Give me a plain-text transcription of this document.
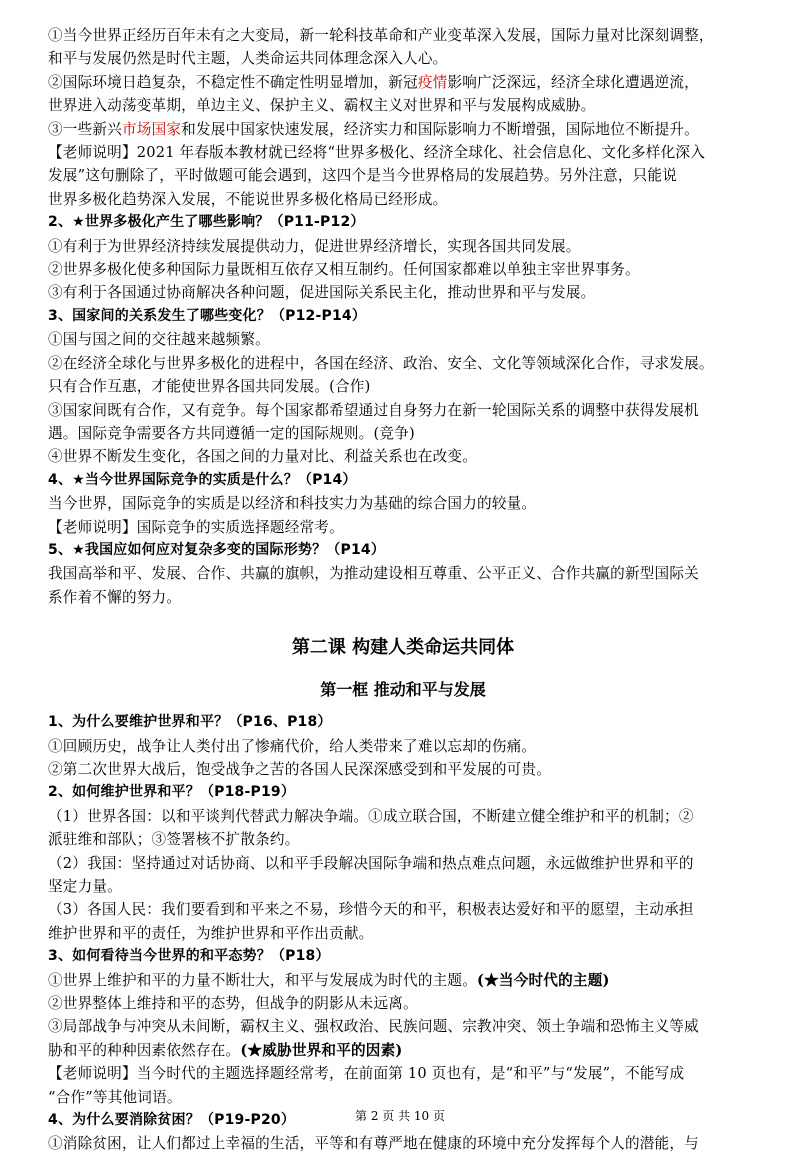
①当今世界正经历百年未有之大变局，新一轮科技革命和产业变革深入发展，国际力量对比深刻调整，
和平与发展仍然是时代主题，人类命运共同体理念深入人心。
②国际环境日趋复杂，不稳定性不确定性明显增加，新冠疫情影响广泛深远，经济全球化遭遇逆流，
世界进入动荡变革期，单边主义、保护主义、霸权主义对世界和平与发展构成威胁。
③一些新兴市场国家和发展中国家快速发展，经济实力和国际影响力不断增强，国际地位不断提升。
【老师说明】2021 年春版本教材就已经将“世界多极化、经济全球化、社会信息化、文化多样化深入
发展”这句删除了，平时做题可能会遇到，这四个是当今世界格局的发展趋势。另外注意，只能说
世界多极化趋势深入发展，不能说世界多极化格局已经形成。
2、★世界多极化产生了哪些影响？（P11-P12）
①有利于为世界经济持续发展提供动力，促进世界经济增长，实现各国共同发展。
②世界多极化使多种国际力量既相互依存又相互制约。任何国家都难以单独主宰世界事务。
③有利于各国通过协商解决各种问题，促进国际关系民主化，推动世界和平与发展。
3、国家间的关系发生了哪些变化？（P12-P14）
①国与国之间的交往越来越频繁。
②在经济全球化与世界多极化的进程中，各国在经济、政治、安全、文化等领域深化合作，寻求发展。
只有合作互惠，才能使世界各国共同发展。(合作)
③国家间既有合作，又有竞争。每个国家都希望通过自身努力在新一轮国际关系的调整中获得发展机
遇。国际竞争需要各方共同遵循一定的国际规则。(竞争)
④世界不断发生变化，各国之间的力量对比、利益关系也在改变。
4、★当今世界国际竞争的实质是什么？（P14）
当今世界，国际竞争的实质是以经济和科技实力为基础的综合国力的较量。
【老师说明】国际竞争的实质选择题经常考。
5、★我国应如何应对复杂多变的国际形势？（P14）
我国高举和平、发展、合作、共赢的旗帜，为推动建设相互尊重、公平正义、合作共赢的新型国际关
系作着不懈的努力。
第二课 构建人类命运共同体
第一框 推动和平与发展
1、为什么要维护世界和平？（P16、P18）
①回顾历史，战争让人类付出了惨痛代价，给人类带来了难以忘却的伤痛。
②第二次世界大战后，饱受战争之苦的各国人民深深感受到和平发展的可贵。
2、如何维护世界和平？（P18-P19）
（1）世界各国：以和平谈判代替武力解决争端。①成立联合国，不断建立健全维护和平的机制；②
派驻维和部队；③签署核不扩散条约。
（2）我国：坚持通过对话协商、以和平手段解决国际争端和热点难点问题，永远做维护世界和平的
坚定力量。
（3）各国人民：我们要看到和平来之不易，珍惜今天的和平，积极表达爱好和平的愿望，主动承担
维护世界和平的责任，为维护世界和平作出贡献。
3、如何看待当今世界的和平态势？（P18）
①世界上维护和平的力量不断壮大，和平与发展成为时代的主题。(★当今时代的主题)
②世界整体上维持和平的态势，但战争的阴影从未远离。
③局部战争与冲突从未间断，霸权主义、强权政治、民族问题、宗教冲突、领土争端和恐怖主义等威
胁和平的种种因素依然存在。(★威胁世界和平的因素)
【老师说明】当今时代的主题选择题经常考，在前面第 10 页也有，是“和平”与“发展”，不能写成
“合作”等其他词语。
4、为什么要消除贫困？（P19-P20）
①消除贫困，让人们都过上幸福的生活，平等和有尊严地在健康的环境中充分发挥每个人的潜能，与
第 2 页 共 10 页
